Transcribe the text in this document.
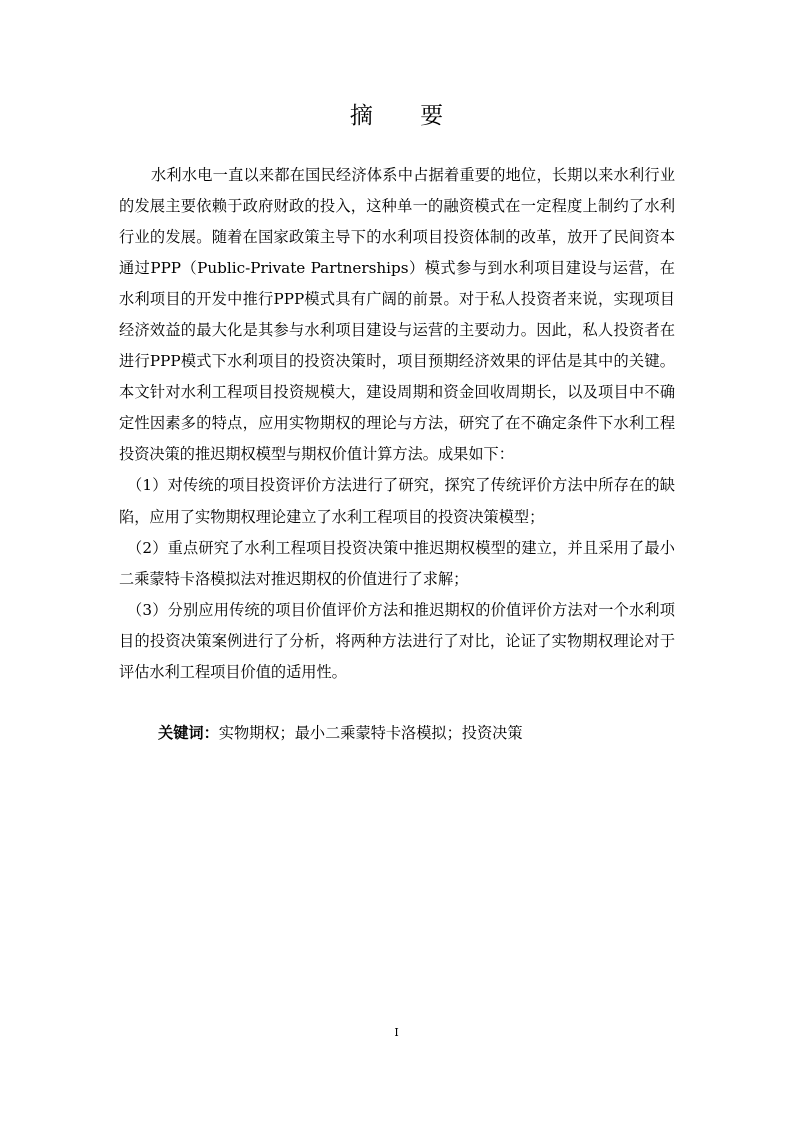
摘 要

水利水电一直以来都在国民经济体系中占据着重要的地位，长期以来水利行业的发展主要依赖于政府财政的投入，这种单一的融资模式在一定程度上制约了水利行业的发展。随着在国家政策主导下的水利项目投资体制的改革，放开了民间资本通过PPP（Public-Private Partnerships）模式参与到水利项目建设与运营，在水利项目的开发中推行PPP模式具有广阔的前景。对于私人投资者来说，实现项目经济效益的最大化是其参与水利项目建设与运营的主要动力。因此，私人投资者在进行PPP模式下水利项目的投资决策时，项目预期经济效果的评估是其中的关键。本文针对水利工程项目投资规模大，建设周期和资金回收周期长，以及项目中不确定性因素多的特点，应用实物期权的理论与方法，研究了在不确定条件下水利工程投资决策的推迟期权模型与期权价值计算方法。成果如下：

（1）对传统的项目投资评价方法进行了研究，探究了传统评价方法中所存在的缺陷，应用了实物期权理论建立了水利工程项目的投资决策模型；

（2）重点研究了水利工程项目投资决策中推迟期权模型的建立，并且采用了最小二乘蒙特卡洛模拟法对推迟期权的价值进行了求解；

（3）分别应用传统的项目价值评价方法和推迟期权的价值评价方法对一个水利项目的投资决策案例进行了分析，将两种方法进行了对比，论证了实物期权理论对于评估水利工程项目价值的适用性。

关键词：实物期权；最小二乘蒙特卡洛模拟；投资决策
I
